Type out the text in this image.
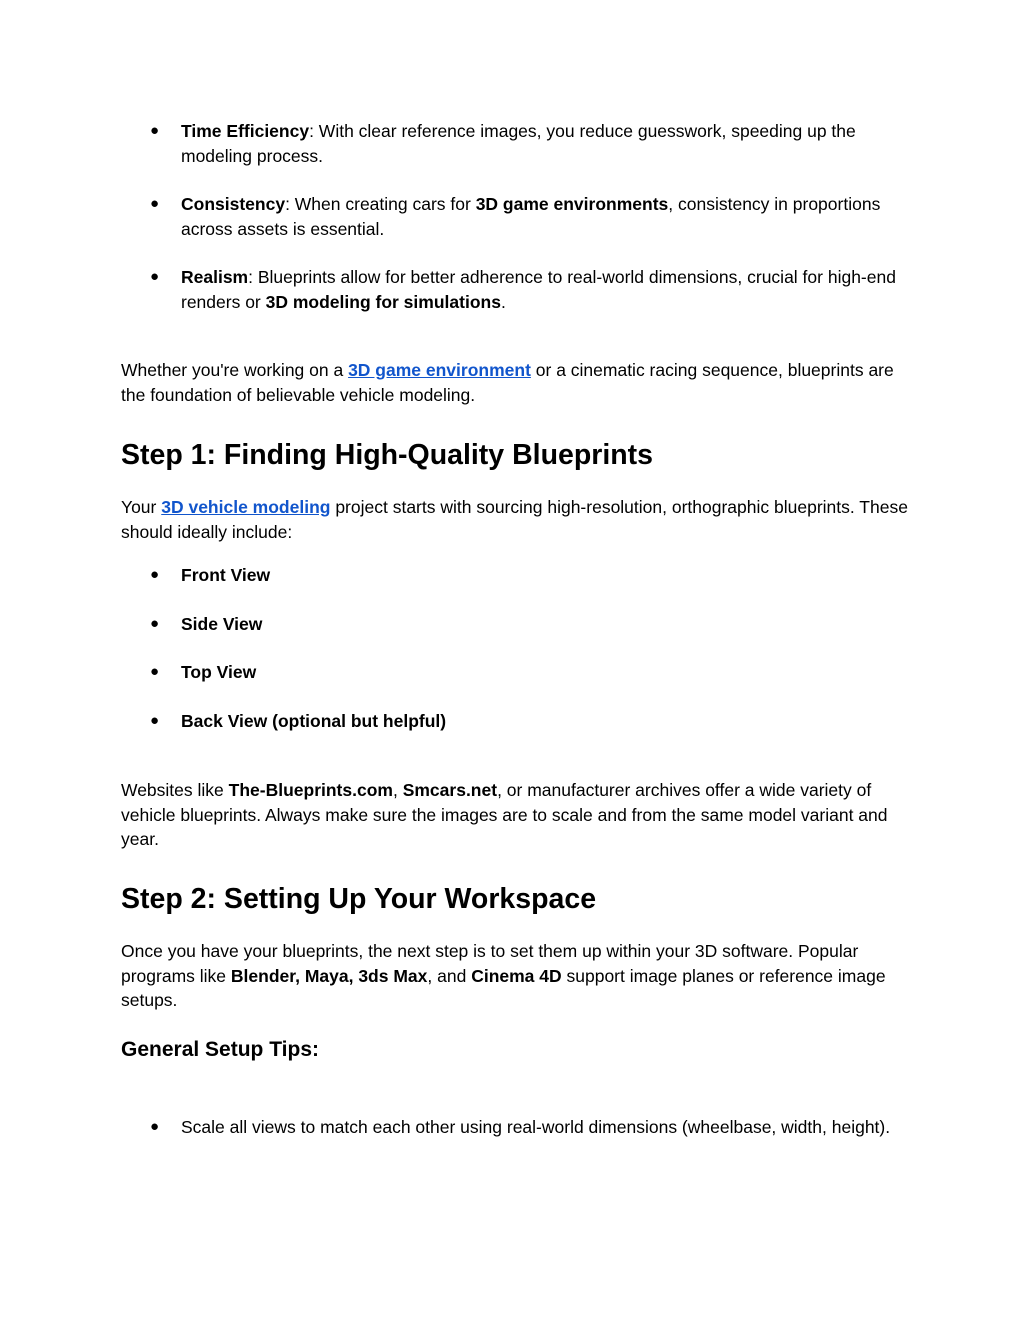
● Time Efficiency: With clear reference images, you reduce guesswork, speeding up the modeling process.

● Consistency: When creating cars for 3D game environments, consistency in proportions across assets is essential.

● Realism: Blueprints allow for better adherence to real-world dimensions, crucial for high-end renders or 3D modeling for simulations.

Whether you're working on a 3D game environment or a cinematic racing sequence, blueprints are the foundation of believable vehicle modeling.

Step 1: Finding High-Quality Blueprints

Your 3D vehicle modeling project starts with sourcing high-resolution, orthographic blueprints. These should ideally include:

● Front View

● Side View

● Top View

● Back View (optional but helpful)

Websites like The-Blueprints.com, Smcars.net, or manufacturer archives offer a wide variety of vehicle blueprints. Always make sure the images are to scale and from the same model variant and year.

Step 2: Setting Up Your Workspace

Once you have your blueprints, the next step is to set them up within your 3D software. Popular programs like Blender, Maya, 3ds Max, and Cinema 4D support image planes or reference image setups.

General Setup Tips:
● Scale all views to match each other using real-world dimensions (wheelbase, width, height).
